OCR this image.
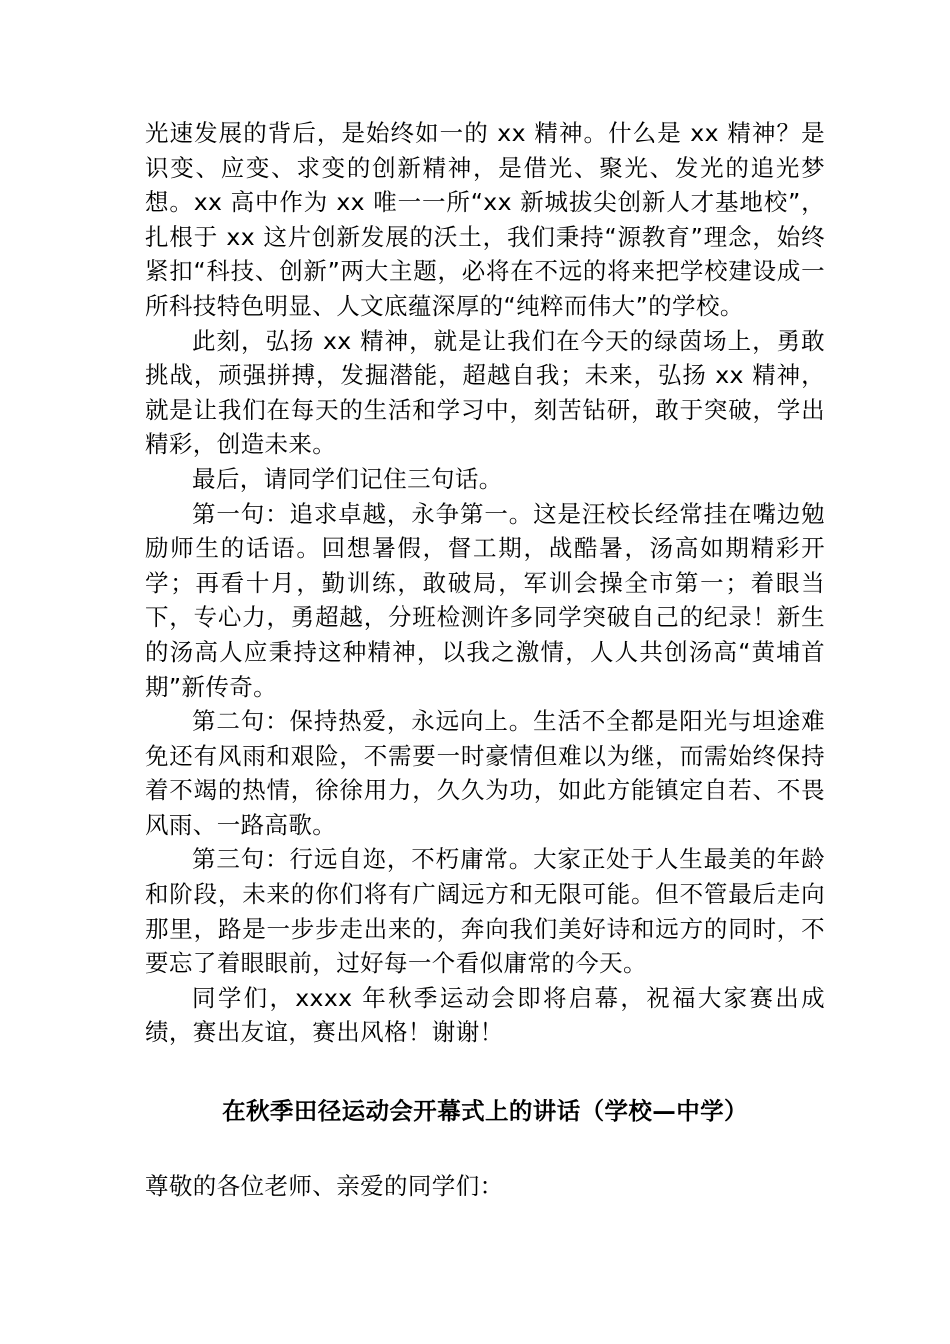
光速发展的背后，是始终如一的 xx 精神。什么是 xx 精神？是识变、应变、求变的创新精神，是借光、聚光、发光的追光梦想。xx 高中作为 xx 唯一一所“xx 新城拔尖创新人才基地校”，扎根于 xx 这片创新发展的沃土，我们秉持“源教育”理念，始终紧扣“科技、创新”两大主题，必将在不远的将来把学校建设成一所科技特色明显、人文底蕴深厚的“纯粹而伟大”的学校。

此刻，弘扬 xx 精神，就是让我们在今天的绿茵场上，勇敢挑战，顽强拼搏，发掘潜能，超越自我；未来，弘扬 xx 精神，就是让我们在每天的生活和学习中，刻苦钻研，敢于突破，学出精彩，创造未来。

最后，请同学们记住三句话。

第一句：追求卓越，永争第一。这是汪校长经常挂在嘴边勉励师生的话语。回想暑假，督工期，战酷暑，汤高如期精彩开学；再看十月，勤训练，敢破局，军训会操全市第一；着眼当下，专心力，勇超越，分班检测许多同学突破自己的纪录！新生的汤高人应秉持这种精神，以我之激情，人人共创汤高“黄埔首期”新传奇。

第二句：保持热爱，永远向上。生活不全都是阳光与坦途难免还有风雨和艰险，不需要一时豪情但难以为继，而需始终保持着不竭的热情，徐徐用力，久久为功，如此方能镇定自若、不畏风雨、一路高歌。

第三句：行远自迩，不朽庸常。大家正处于人生最美的年龄和阶段，未来的你们将有广阔远方和无限可能。但不管最后走向那里，路是一步步走出来的，奔向我们美好诗和远方的同时，不要忘了着眼眼前，过好每一个看似庸常的今天。

同学们，xxxx 年秋季运动会即将启幕，祝福大家赛出成绩，赛出友谊，赛出风格！谢谢！

在秋季田径运动会开幕式上的讲话（学校—中学）

尊敬的各位老师、亲爱的同学们：
